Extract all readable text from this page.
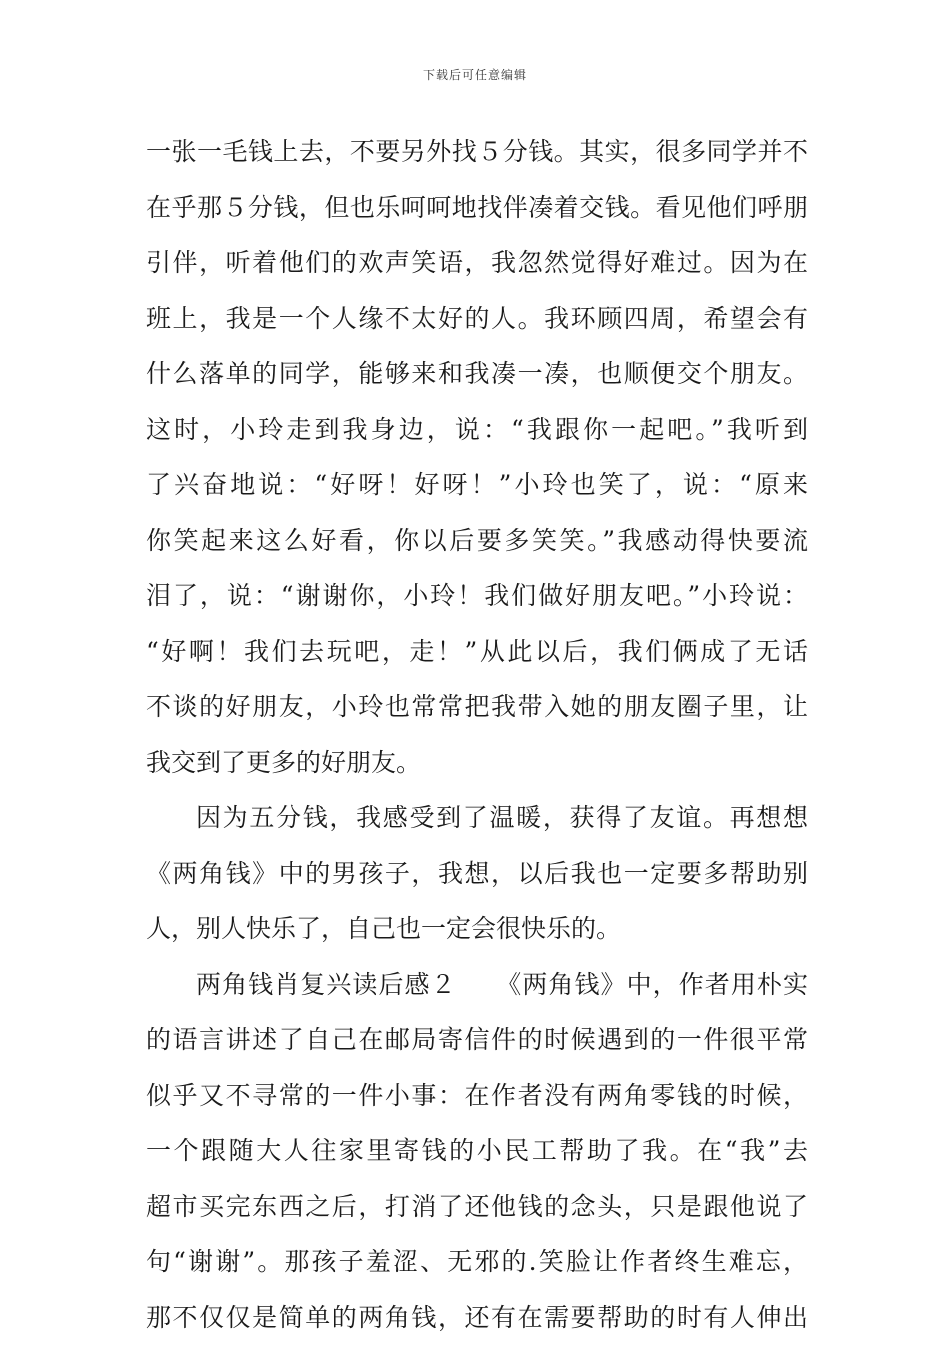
下载后可任意编辑
一张一毛钱上去，不要另外找５分钱。其实，很多同学并不
在乎那５分钱，但也乐呵呵地找伴凑着交钱。看见他们呼朋
引伴，听着他们的欢声笑语，我忽然觉得好难过。因为在
班上，我是一个人缘不太好的人。我环顾四周，希望会有
什么落单的同学，能够来和我凑一凑，也顺便交个朋友。
这时，小玲走到我身边，说：“我跟你一起吧。”我听到
了兴奋地说：“好呀！好呀！”小玲也笑了，说：“原来
你笑起来这么好看，你以后要多笑笑。”我感动得快要流
泪了，说：“谢谢你，小玲！我们做好朋友吧。”小玲说：
“好啊！我们去玩吧，走！”从此以后，我们俩成了无话
不谈的好朋友，小玲也常常把我带入她的朋友圈子里，让
我交到了更多的好朋友。
因为五分钱，我感受到了温暖，获得了友谊。再想想
《两角钱》中的男孩子，我想，以后我也一定要多帮助别
人，别人快乐了，自己也一定会很快乐的。
两角钱肖复兴读后感２　　《两角钱》中，作者用朴实
的语言讲述了自己在邮局寄信件的时候遇到的一件很平常
似乎又不寻常的一件小事：在作者没有两角零钱的时候，
一个跟随大人往家里寄钱的小民工帮助了我。在“我”去
超市买完东西之后，打消了还他钱的念头，只是跟他说了
句“谢谢”。那孩子羞涩、无邪的.笑脸让作者终生难忘，
那不仅仅是简单的两角钱，还有在需要帮助的时有人伸出
